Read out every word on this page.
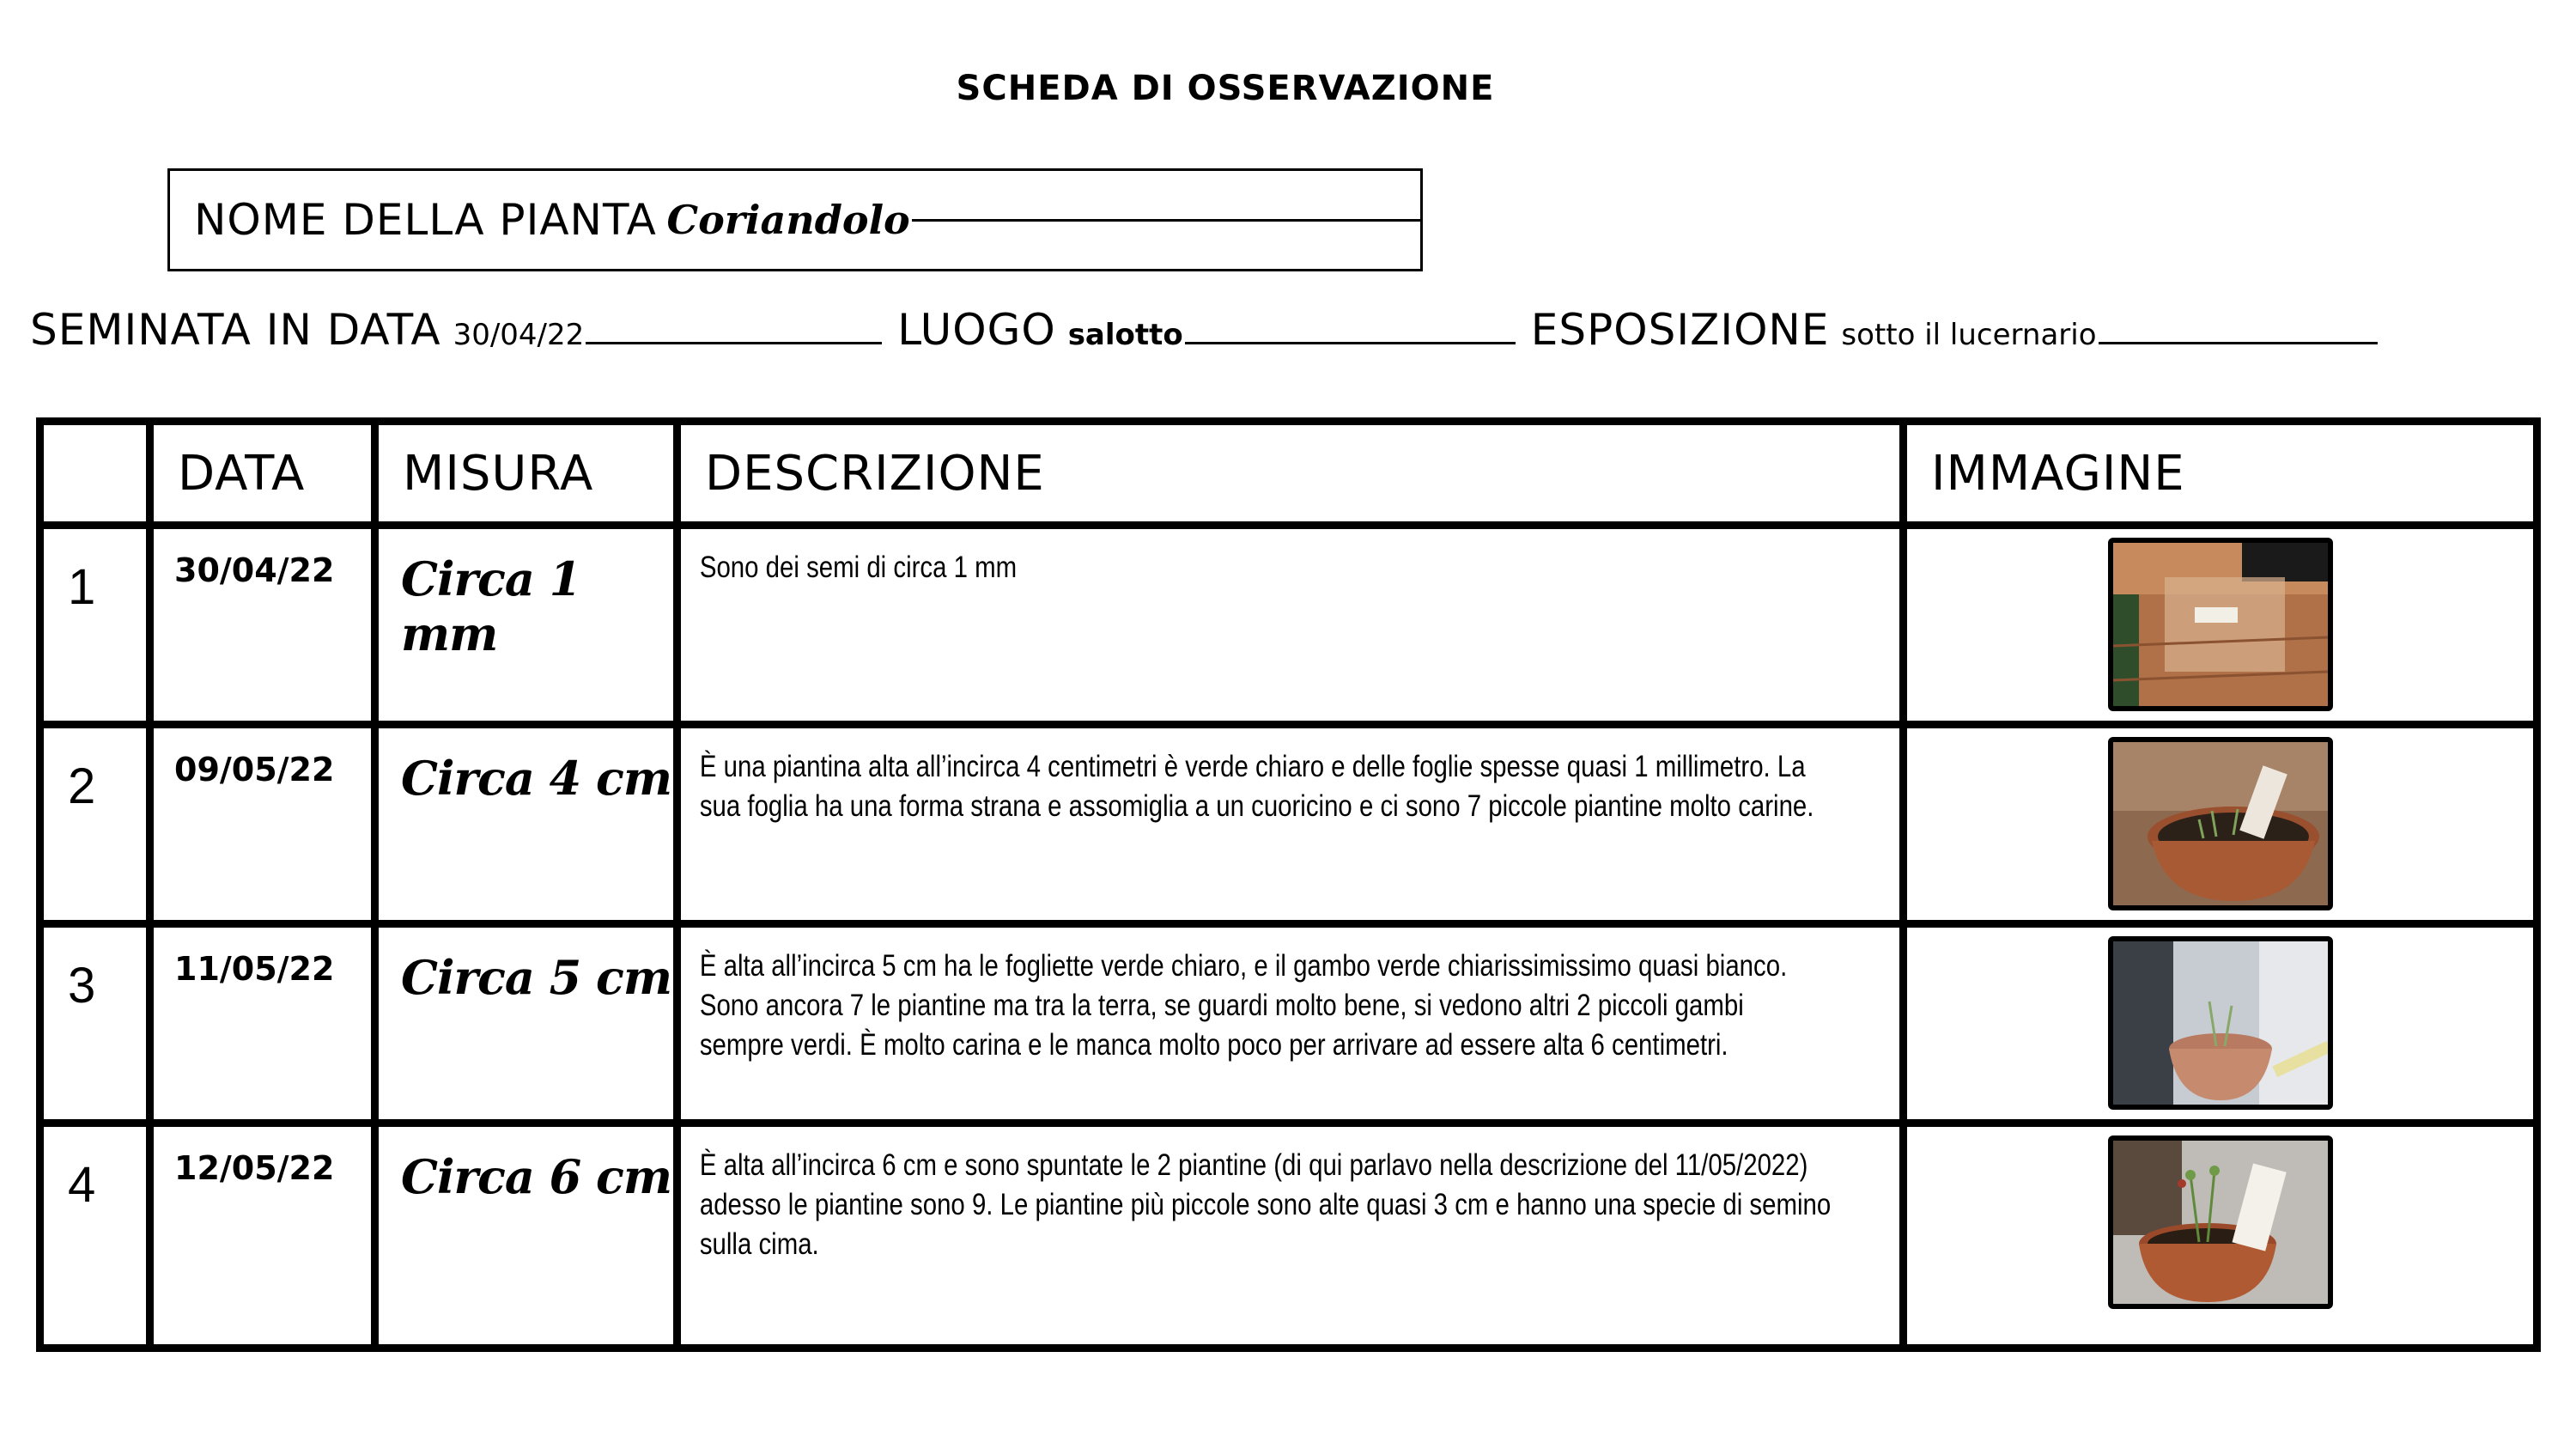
SCHEDA DI OSSERVAZIONE
NOME DELLA PIANTA Coriandolo
SEMINATA IN DATA 30/04/22	LUOGO salotto	ESPOSIZIONE sotto il lucernario
	DATA	MISURA	DESCRIZIONE	IMMAGINE

1	30/04/22	Circa 1 mm	Sono dei semi di circa 1 mm

2	09/05/22	Circa 4 cm	È una piantina alta all’incirca 4 centimetri è verde chiaro e delle foglie spesse quasi 1 millimetro. La sua foglia ha una forma strana e assomiglia a un cuoricino e ci sono 7 piccole piantine molto carine.

3	11/05/22	Circa 5 cm	È alta all’incirca 5 cm ha le fogliette verde chiaro, e il gambo verde chiarissimissimo quasi bianco. Sono ancora 7 le piantine ma tra la terra, se guardi molto bene, si vedono altri 2 piccoli gambi sempre verdi. È molto carina e le manca molto poco per arrivare ad essere alta 6 centimetri.

4	12/05/22	Circa 6 cm	È alta all’incirca 6 cm e sono spuntate le 2 piantine (di qui parlavo nella descrizione del 11/05/2022) adesso le piantine sono 9. Le piantine più piccole sono alte quasi 3 cm e hanno una specie di semino sulla cima.
